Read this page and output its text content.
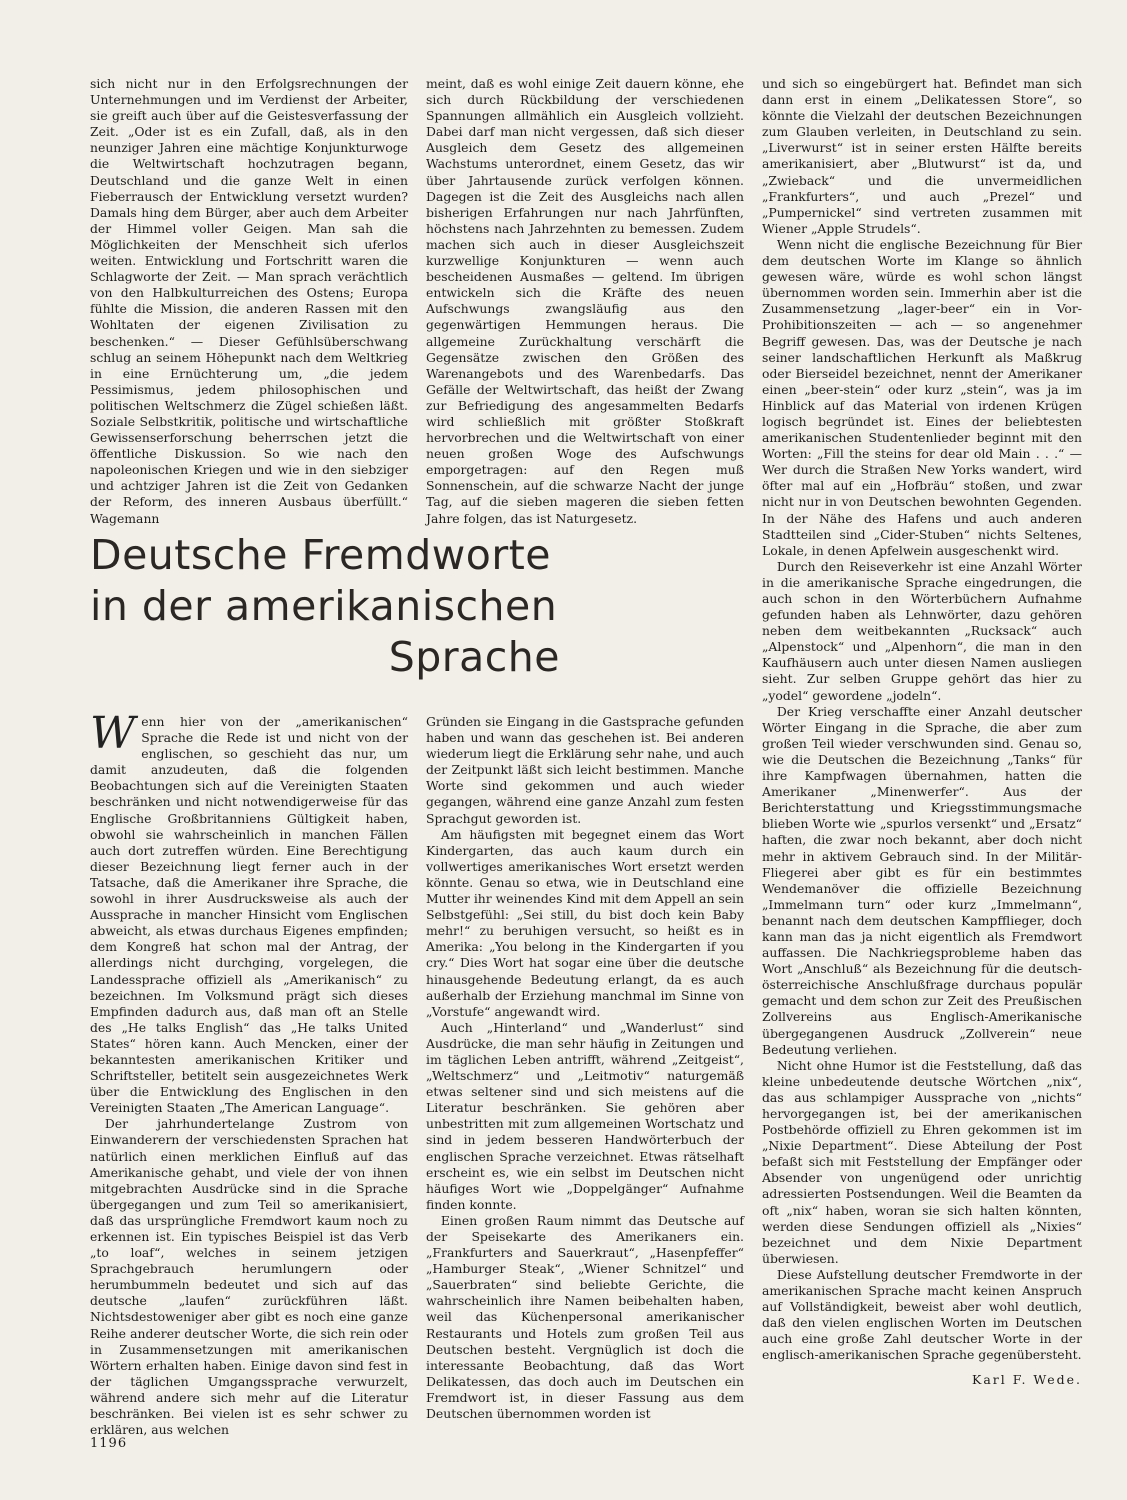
sich nicht nur in den Erfolgsrechnungen der Unternehmungen und im Verdienst der Arbeiter, sie greift auch über auf die Geistesverfassung der Zeit. „Oder ist es ein Zufall, daß, als in den neunziger Jahren eine mächtige Konjunkturwoge die Weltwirtschaft hochzutragen begann, Deutschland und die ganze Welt in einen Fieberrausch der Entwicklung versetzt wurden? Damals hing dem Bürger, aber auch dem Arbeiter der Himmel voller Geigen. Man sah die Möglichkeiten der Menschheit sich uferlos weiten. Entwicklung und Fortschritt waren die Schlagworte der Zeit. — Man sprach verächtlich von den Halbkulturreichen des Ostens; Europa fühlte die Mission, die anderen Rassen mit den Wohltaten der eigenen Zivilisation zu beschenken.“ — Dieser Gefühlsüberschwang schlug an seinem Höhepunkt nach dem Weltkrieg in eine Ernüchterung um, „die jedem Pessimismus, jedem philosophischen und politischen Weltschmerz die Zügel schießen läßt. Soziale Selbstkritik, politische und wirtschaftliche Gewissenserforschung beherrschen jetzt die öffentliche Diskussion. So wie nach den napoleonischen Kriegen und wie in den siebziger und achtziger Jahren ist die Zeit von Gedanken der Reform, des inneren Ausbaus überfüllt.“ Wagemann

meint, daß es wohl einige Zeit dauern könne, ehe sich durch Rückbildung der verschiedenen Spannungen allmählich ein Ausgleich vollzieht. Dabei darf man nicht vergessen, daß sich dieser Ausgleich dem Gesetz des allgemeinen Wachstums unterordnet, einem Gesetz, das wir über Jahrtausende zurück verfolgen können. Dagegen ist die Zeit des Ausgleichs nach allen bisherigen Erfahrungen nur nach Jahrfünften, höchstens nach Jahrzehnten zu bemessen. Zudem machen sich auch in dieser Ausgleichszeit kurzwellige Konjunkturen — wenn auch bescheidenen Ausmaßes — geltend. Im übrigen entwickeln sich die Kräfte des neuen Aufschwungs zwangsläufig aus den gegenwärtigen Hemmungen heraus. Die allgemeine Zurückhaltung verschärft die Gegensätze zwischen den Größen des Warenangebots und des Warenbedarfs. Das Gefälle der Weltwirtschaft, das heißt der Zwang zur Befriedigung des angesammelten Bedarfs wird schließlich mit größter Stoßkraft hervorbrechen und die Weltwirtschaft von einer neuen großen Woge des Aufschwungs emporgetragen: auf den Regen muß Sonnenschein, auf die schwarze Nacht der junge Tag, auf die sieben mageren die sieben fetten Jahre folgen, das ist Naturgesetz.

Deutsche Fremdworte
in der amerikanischen
Sprache

Wenn hier von der „amerikanischen“ Sprache die Rede ist und nicht von der englischen, so geschieht das nur, um damit anzudeuten, daß die folgenden Beobachtungen sich auf die Vereinigten Staaten beschränken und nicht notwendigerweise für das Englische Großbritanniens Gültigkeit haben, obwohl sie wahrscheinlich in manchen Fällen auch dort zutreffen würden. Eine Berechtigung dieser Bezeichnung liegt ferner auch in der Tatsache, daß die Amerikaner ihre Sprache, die sowohl in ihrer Ausdrucksweise als auch der Aussprache in mancher Hinsicht vom Englischen abweicht, als etwas durchaus Eigenes empfinden; dem Kongreß hat schon mal der Antrag, der allerdings nicht durchging, vorgelegen, die Landessprache offiziell als „Amerikanisch“ zu bezeichnen. Im Volksmund prägt sich dieses Empfinden dadurch aus, daß man oft an Stelle des „He talks English“ das „He talks United States“ hören kann. Auch Mencken, einer der bekanntesten amerikanischen Kritiker und Schriftsteller, betitelt sein ausgezeichnetes Werk über die Entwicklung des Englischen in den Vereinigten Staaten „The American Language“.

Der jahrhundertelange Zustrom von Einwanderern der verschiedensten Sprachen hat natürlich einen merklichen Einfluß auf das Amerikanische gehabt, und viele der von ihnen mitgebrachten Ausdrücke sind in die Sprache übergegangen und zum Teil so amerikanisiert, daß das ursprüngliche Fremdwort kaum noch zu erkennen ist. Ein typisches Beispiel ist das Verb „to loaf“, welches in seinem jetzigen Sprachgebrauch herumlungern oder herumbummeln bedeutet und sich auf das deutsche „laufen“ zurückführen läßt. Nichtsdestoweniger aber gibt es noch eine ganze Reihe anderer deutscher Worte, die sich rein oder in Zusammensetzungen mit amerikanischen Wörtern erhalten haben. Einige davon sind fest in der täglichen Umgangssprache verwurzelt, während andere sich mehr auf die Literatur beschränken. Bei vielen ist es sehr schwer zu erklären, aus welchen

Gründen sie Eingang in die Gastsprache gefunden haben und wann das geschehen ist. Bei anderen wiederum liegt die Erklärung sehr nahe, und auch der Zeitpunkt läßt sich leicht bestimmen. Manche Worte sind gekommen und auch wieder gegangen, während eine ganze Anzahl zum festen Sprachgut geworden ist.

Am häufigsten mit begegnet einem das Wort Kindergarten, das auch kaum durch ein vollwertiges amerikanisches Wort ersetzt werden könnte. Genau so etwa, wie in Deutschland eine Mutter ihr weinendes Kind mit dem Appell an sein Selbstgefühl: „Sei still, du bist doch kein Baby mehr!“ zu beruhigen versucht, so heißt es in Amerika: „You belong in the Kindergarten if you cry.“ Dies Wort hat sogar eine über die deutsche hinausgehende Bedeutung erlangt, da es auch außerhalb der Erziehung manchmal im Sinne von „Vorstufe“ angewandt wird.

Auch „Hinterland“ und „Wanderlust“ sind Ausdrücke, die man sehr häufig in Zeitungen und im täglichen Leben antrifft, während „Zeitgeist“, „Weltschmerz“ und „Leitmotiv“ naturgemäß etwas seltener sind und sich meistens auf die Literatur beschränken. Sie gehören aber unbestritten mit zum allgemeinen Wortschatz und sind in jedem besseren Handwörterbuch der englischen Sprache verzeichnet. Etwas rätselhaft erscheint es, wie ein selbst im Deutschen nicht häufiges Wort wie „Doppelgänger“ Aufnahme finden konnte.

Einen großen Raum nimmt das Deutsche auf der Speisekarte des Amerikaners ein. „Frankfurters and Sauerkraut“, „Hasenpfeffer“ „Hamburger Steak“, „Wiener Schnitzel“ und „Sauerbraten“ sind beliebte Gerichte, die wahrscheinlich ihre Namen beibehalten haben, weil das Küchenpersonal amerikanischer Restaurants und Hotels zum großen Teil aus Deutschen besteht. Vergnüglich ist doch die interessante Beobachtung, daß das Wort Delikatessen, das doch auch im Deutschen ein Fremdwort ist, in dieser Fassung aus dem Deutschen übernommen worden ist

und sich so eingebürgert hat. Befindet man sich dann erst in einem „Delikatessen Store“, so könnte die Vielzahl der deutschen Bezeichnungen zum Glauben verleiten, in Deutschland zu sein. „Liverwurst“ ist in seiner ersten Hälfte bereits amerikanisiert, aber „Blutwurst“ ist da, und „Zwieback“ und die unvermeidlichen „Frankfurters“, und auch „Prezel“ und „Pumpernickel“ sind vertreten zusammen mit Wiener „Apple Strudels“.

Wenn nicht die englische Bezeichnung für Bier dem deutschen Worte im Klange so ähnlich gewesen wäre, würde es wohl schon längst übernommen worden sein. Immerhin aber ist die Zusammensetzung „lager-beer“ ein in Vor-Prohibitionszeiten — ach — so angenehmer Begriff gewesen. Das, was der Deutsche je nach seiner landschaftlichen Herkunft als Maßkrug oder Bierseidel bezeichnet, nennt der Amerikaner einen „beer-stein“ oder kurz „stein“, was ja im Hinblick auf das Material von irdenen Krügen logisch begründet ist. Eines der beliebtesten amerikanischen Studentenlieder beginnt mit den Worten: „Fill the steins for dear old Main . . .“ — Wer durch die Straßen New Yorks wandert, wird öfter mal auf ein „Hofbräu“ stoßen, und zwar nicht nur in von Deutschen bewohnten Gegenden. In der Nähe des Hafens und auch anderen Stadtteilen sind „Cider-Stuben“ nichts Seltenes, Lokale, in denen Apfelwein ausgeschenkt wird.

Durch den Reiseverkehr ist eine Anzahl Wörter in die amerikanische Sprache eingedrungen, die auch schon in den Wörterbüchern Aufnahme gefunden haben als Lehnwörter, dazu gehören neben dem weitbekannten „Rucksack“ auch „Alpenstock“ und „Alpenhorn“, die man in den Kaufhäusern auch unter diesen Namen ausliegen sieht. Zur selben Gruppe gehört das hier zu „yodel“ gewordene „jodeln“.

Der Krieg verschaffte einer Anzahl deutscher Wörter Eingang in die Sprache, die aber zum großen Teil wieder verschwunden sind. Genau so, wie die Deutschen die Bezeichnung „Tanks“ für ihre Kampfwagen übernahmen, hatten die Amerikaner „Minenwerfer“. Aus der Berichterstattung und Kriegsstimmungsmache blieben Worte wie „spurlos versenkt“ und „Ersatz“ haften, die zwar noch bekannt, aber doch nicht mehr in aktivem Gebrauch sind. In der Militär-Fliegerei aber gibt es für ein bestimmtes Wendemanöver die offizielle Bezeichnung „Immelmann turn“ oder kurz „Immelmann“, benannt nach dem deutschen Kampfflieger, doch kann man das ja nicht eigentlich als Fremdwort auffassen. Die Nachkriegsprobleme haben das Wort „Anschluß“ als Bezeichnung für die deutsch-österreichische Anschlußfrage durchaus populär gemacht und dem schon zur Zeit des Preußischen Zollvereins aus Englisch-Amerikanische übergegangenen Ausdruck „Zollverein“ neue Bedeutung verliehen.

Nicht ohne Humor ist die Feststellung, daß das kleine unbedeutende deutsche Wörtchen „nix“, das aus schlampiger Aussprache von „nichts“ hervorgegangen ist, bei der amerikanischen Postbehörde offiziell zu Ehren gekommen ist im „Nixie Department“. Diese Abteilung der Post befaßt sich mit Feststellung der Empfänger oder Absender von ungenügend oder unrichtig adressierten Postsendungen. Weil die Beamten da oft „nix“ haben, woran sie sich halten könnten, werden diese Sendungen offiziell als „Nixies“ bezeichnet und dem Nixie Department überwiesen.

Diese Aufstellung deutscher Fremdworte in der amerikanischen Sprache macht keinen Anspruch auf Vollständigkeit, beweist aber wohl deutlich, daß den vielen englischen Worten im Deutschen auch eine große Zahl deutscher Worte in der englisch-amerikanischen Sprache gegenübersteht.

Karl F. Wede.
1196
